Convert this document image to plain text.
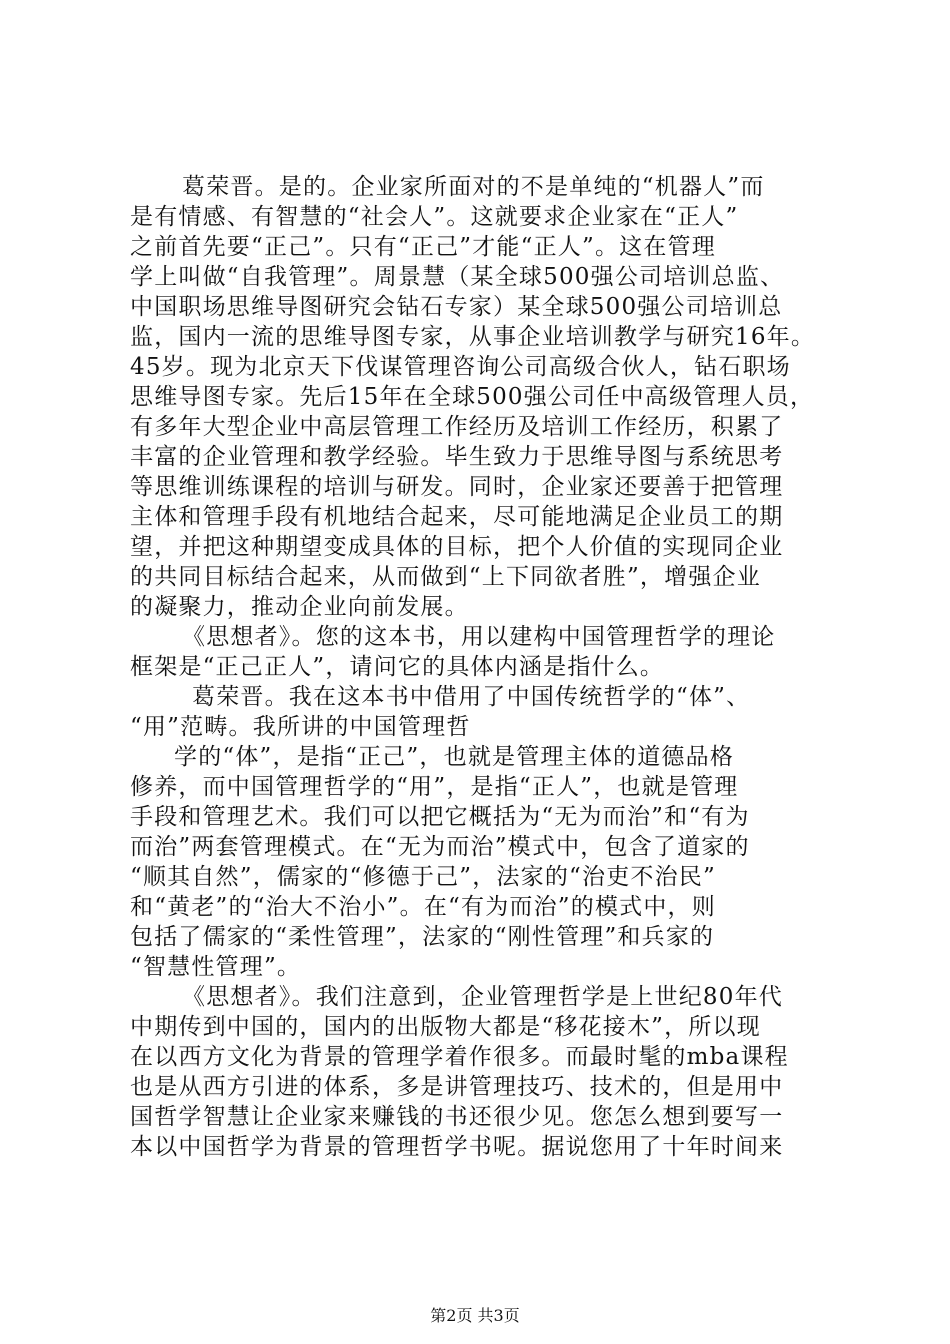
葛荣晋。是的。企业家所面对的不是单纯的“机器人”而
是有情感、有智慧的“社会人”。这就要求企业家在“正人”
之前首先要“正己”。只有“正己”才能“正人”。这在管理
学上叫做“自我管理”。周景慧（某全球500强公司培训总监、
中国职场思维导图研究会钻石专家）某全球500强公司培训总
监，国内一流的思维导图专家，从事企业培训教学与研究16年。
45岁。现为北京天下伐谋管理咨询公司高级合伙人，钻石职场
思维导图专家。先后15年在全球500强公司任中高级管理人员，
有多年大型企业中高层管理工作经历及培训工作经历，积累了
丰富的企业管理和教学经验。毕生致力于思维导图与系统思考
等思维训练课程的培训与研发。同时，企业家还要善于把管理
主体和管理手段有机地结合起来，尽可能地满足企业员工的期
望，并把这种期望变成具体的目标，把个人价值的实现同企业
的共同目标结合起来，从而做到“上下同欲者胜”，增强企业
的凝聚力，推动企业向前发展。
《思想者》。您的这本书，用以建构中国管理哲学的理论
框架是“正己正人”，请问它的具体内涵是指什么。
葛荣晋。我在这本书中借用了中国传统哲学的“体”、
“用”范畴。我所讲的中国管理哲
学的“体”，是指“正己”，也就是管理主体的道德品格
修养，而中国管理哲学的“用”，是指“正人”，也就是管理
手段和管理艺术。我们可以把它概括为“无为而治”和“有为
而治”两套管理模式。在“无为而治”模式中，包含了道家的
“顺其自然”，儒家的“修德于己”，法家的“治吏不治民”
和“黄老”的“治大不治小”。在“有为而治”的模式中，则
包括了儒家的“柔性管理”，法家的“刚性管理”和兵家的
“智慧性管理”。
《思想者》。我们注意到，企业管理哲学是上世纪80年代
中期传到中国的，国内的出版物大都是“移花接木”，所以现
在以西方文化为背景的管理学着作很多。而最时髦的mba课程
也是从西方引进的体系，多是讲管理技巧、技术的，但是用中
国哲学智慧让企业家来赚钱的书还很少见。您怎么想到要写一
本以中国哲学为背景的管理哲学书呢。据说您用了十年时间来
第2页 共3页
